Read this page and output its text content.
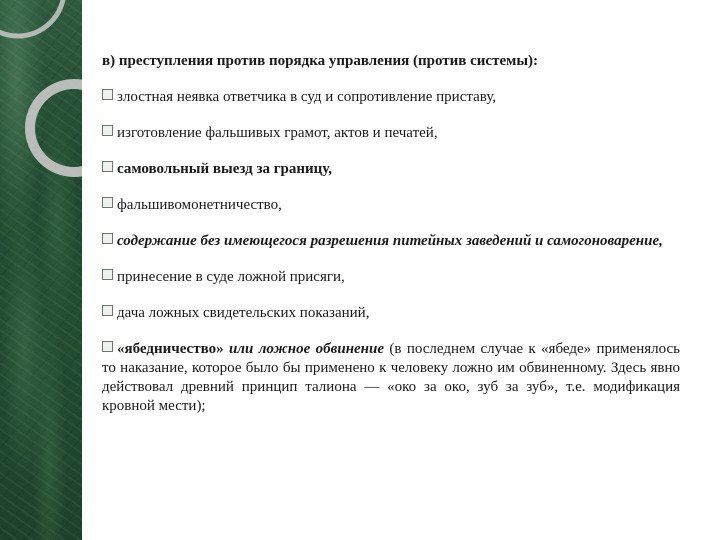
в) преступления против порядка управления (против системы):

злостная неявка ответчика в суд и сопротивление приставу,

изготовление фальшивых грамот, актов и печатей,

самовольный выезд за границу,

фальшивомонетничество,

содержание без имеющегося разрешения питейных заведений и самогоноварение,

принесение в суде ложной присяги,

дача ложных свидетельских показаний,

«ябедничество» или ложное обвинение (в последнем случае к «ябеде» применялось то наказание, которое было бы применено к человеку ложно им обвиненному. Здесь явно действовал древний принцип талиона — «око за око, зуб за зуб», т.е. модификация кровной мести);
